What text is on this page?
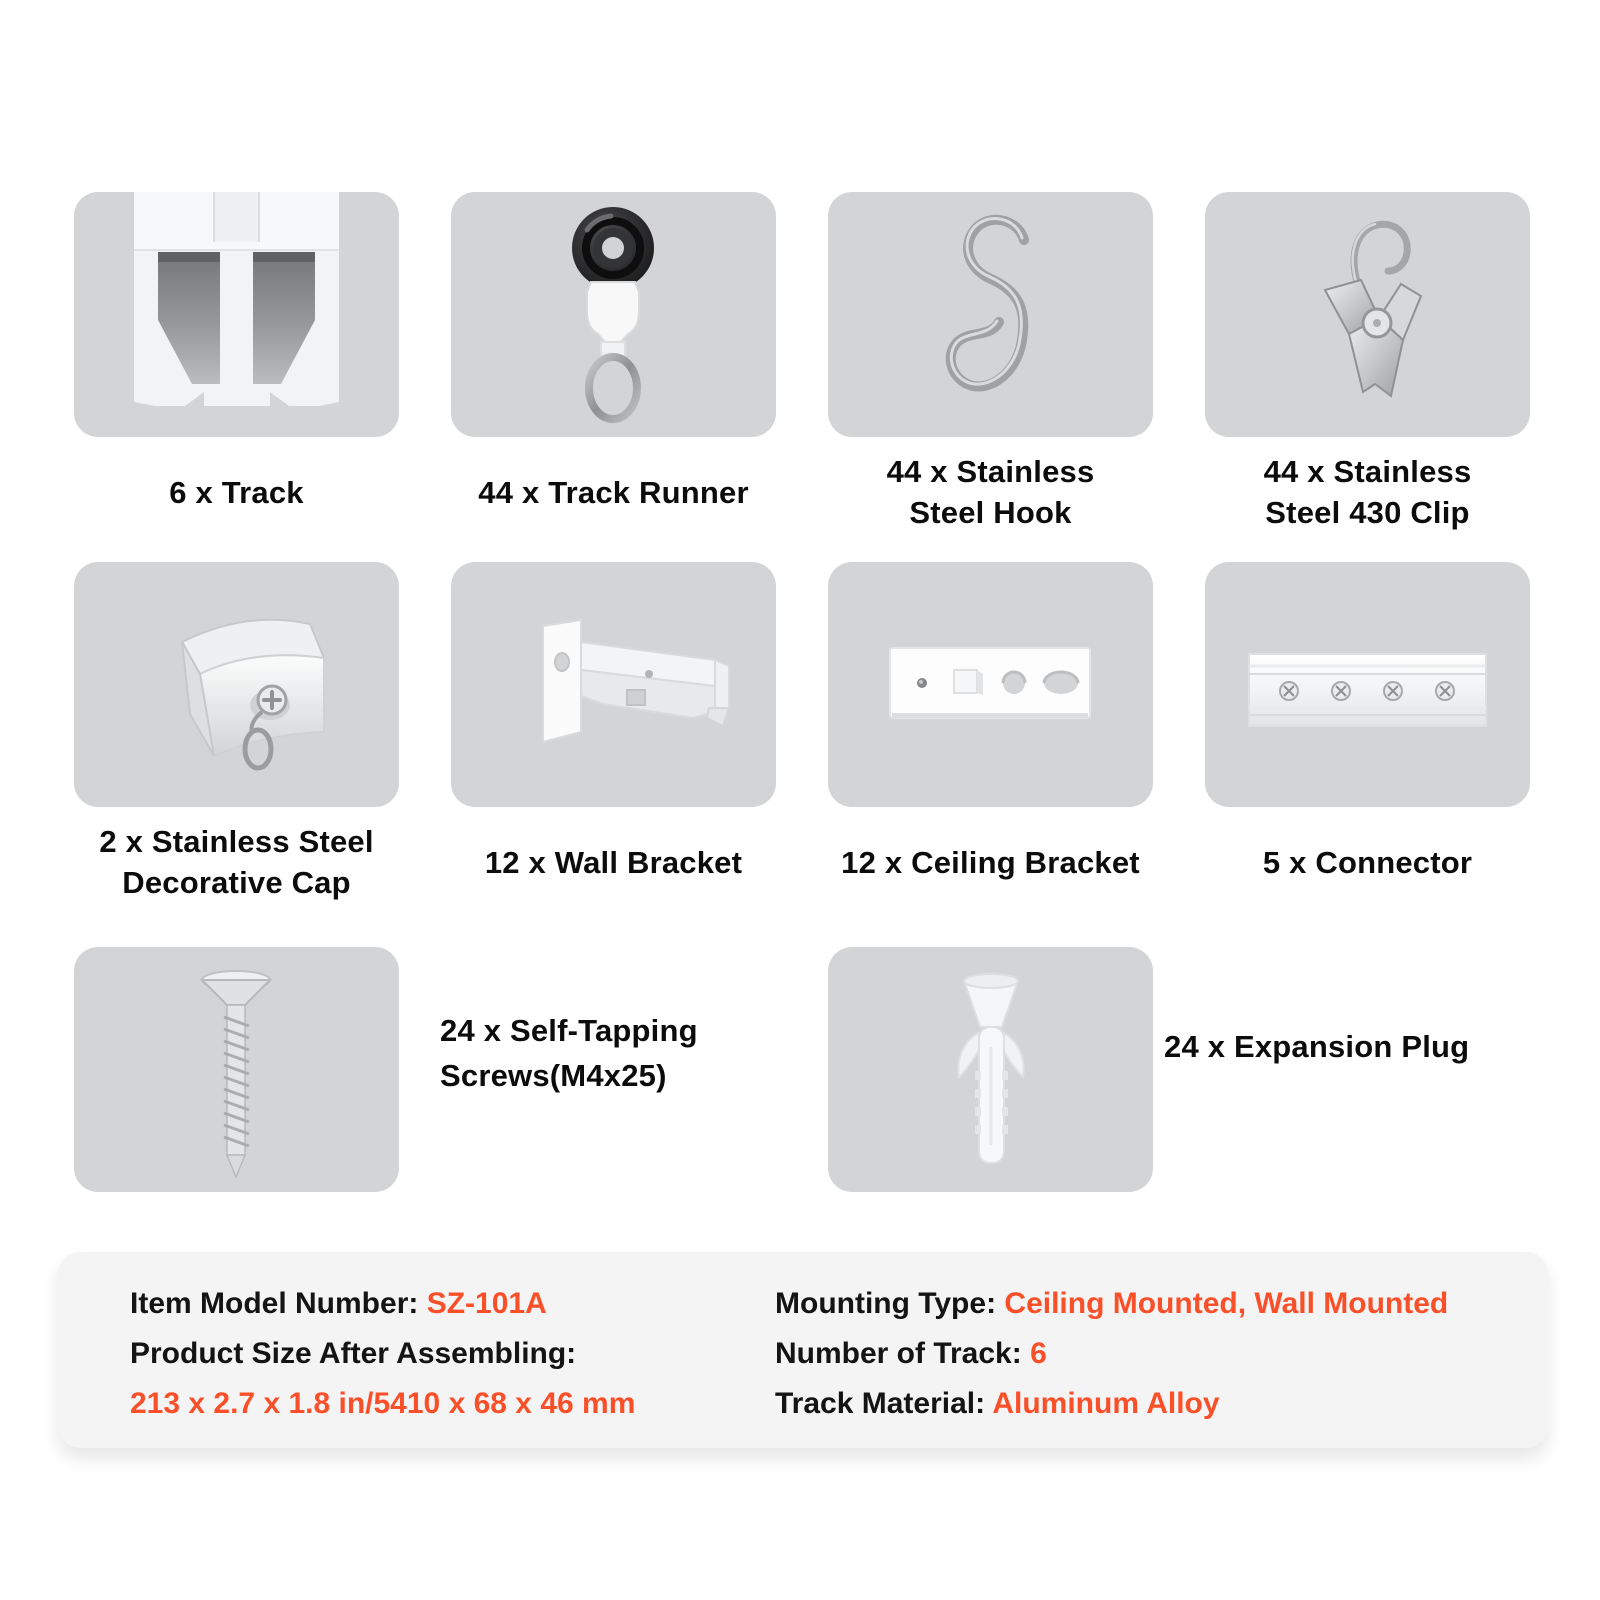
6 x Track	44 x Track Runner
44 x Stainless
Steel Hook
44 x Stainless
Steel 430 Clip
2 x Stainless Steel
Decorative Cap
12 x Wall Bracket	12 x Ceiling Bracket	5 x Connector
24 x Self-Tapping
Screws(M4x25)
24 x Expansion Plug
Item Model Number: SZ-101A
Product Size After Assembling:
213 x 2.7 x 1.8 in/5410 x 68 x 46 mm
Mounting Type: Ceiling Mounted, Wall Mounted
Number of Track: 6
Track Material: Aluminum Alloy
